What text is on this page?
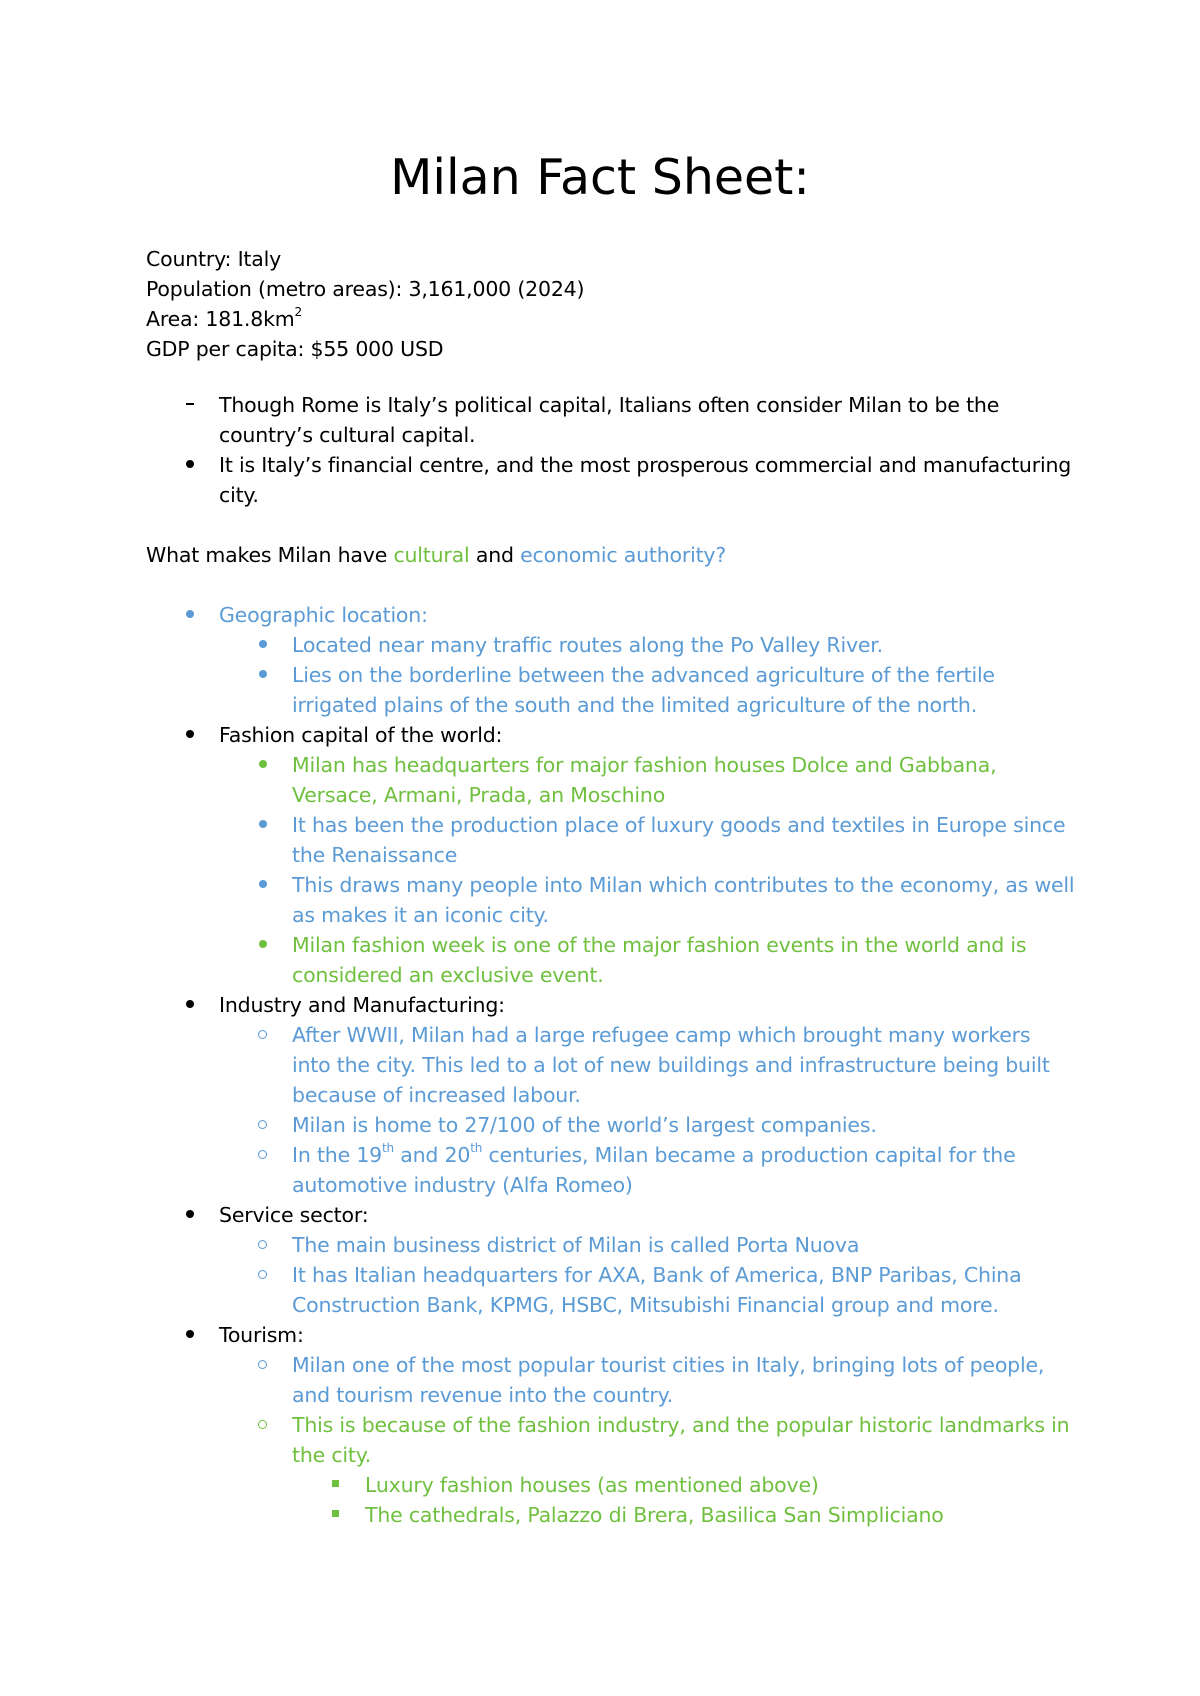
Milan Fact Sheet:
Country: Italy
Population (metro areas): 3,161,000 (2024)
Area: $181.8km^2$
GDP per capita: $55 000 USD
Though Rome is Italy’s political capital, Italians often consider Milan to be the
country’s cultural capital.
It is Italy’s financial centre, and the most prosperous commercial and manufacturing
city.
What makes Milan have cultural and economic authority?
Geographic location:
Located near many traffic routes along the Po Valley River.
Lies on the borderline between the advanced agriculture of the fertile
irrigated plains of the south and the limited agriculture of the north.
Fashion capital of the world:
Milan has headquarters for major fashion houses Dolce and Gabbana,
Versace, Armani, Prada, an Moschino
It has been the production place of luxury goods and textiles in Europe since
the Renaissance
This draws many people into Milan which contributes to the economy, as well
as makes it an iconic city.
Milan fashion week is one of the major fashion events in the world and is
considered an exclusive event.
Industry and Manufacturing:
After WWII, Milan had a large refugee camp which brought many workers
into the city. This led to a lot of new buildings and infrastructure being built
because of increased labour.
Milan is home to 27/100 of the world’s largest companies.
In the 19th and 20th centuries, Milan became a production capital for the
automotive industry (Alfa Romeo)
Service sector:
The main business district of Milan is called Porta Nuova
It has Italian headquarters for AXA, Bank of America, BNP Paribas, China
Construction Bank, KPMG, HSBC, Mitsubishi Financial group and more.
Tourism:
Milan one of the most popular tourist cities in Italy, bringing lots of people,
and tourism revenue into the country.
This is because of the fashion industry, and the popular historic landmarks in
the city.
Luxury fashion houses (as mentioned above)
The cathedrals, Palazzo di Brera, Basilica San Simpliciano
